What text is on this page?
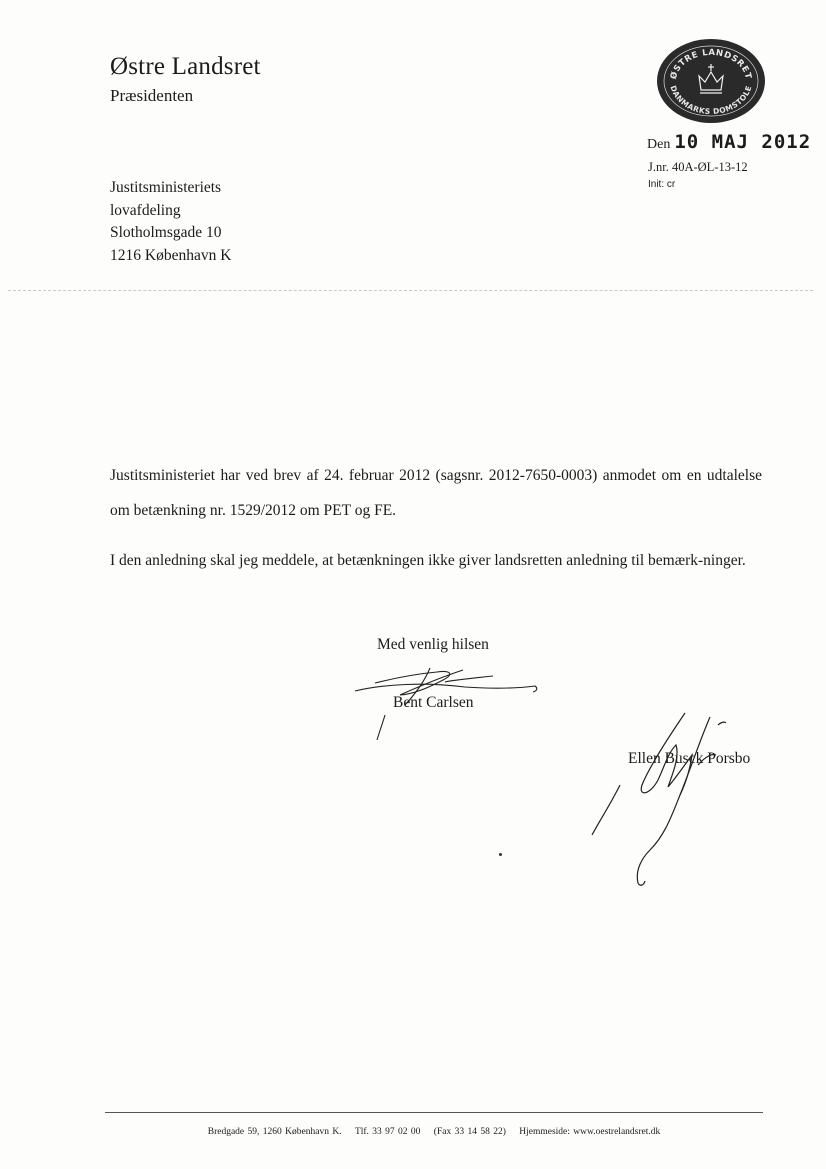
Østre Landsret
Præsidenten
ØSTRE LANDSRET
DANMARKS DOMSTOLE
Den 10 MAJ 2012
J.nr. 40A-ØL-13-12
Init: cr
Justitsministeriets
lovafdeling
Slotholmsgade 10
1216 København K

Justitsministeriet har ved brev af 24. februar 2012 (sagsnr. 2012-7650-0003) anmodet om en udtalelse om betænkning nr. 1529/2012 om PET og FE.

I den anledning skal jeg meddele, at betænkningen ikke giver landsretten anledning til bemærk-ninger.

Med venlig hilsen
Bent Carlsen
Ellen Busck Porsbo
Bredgade 59, 1260 København K. Tlf. 33 97 02 00 (Fax 33 14 58 22) Hjemmeside: www.oestrelandsret.dk
